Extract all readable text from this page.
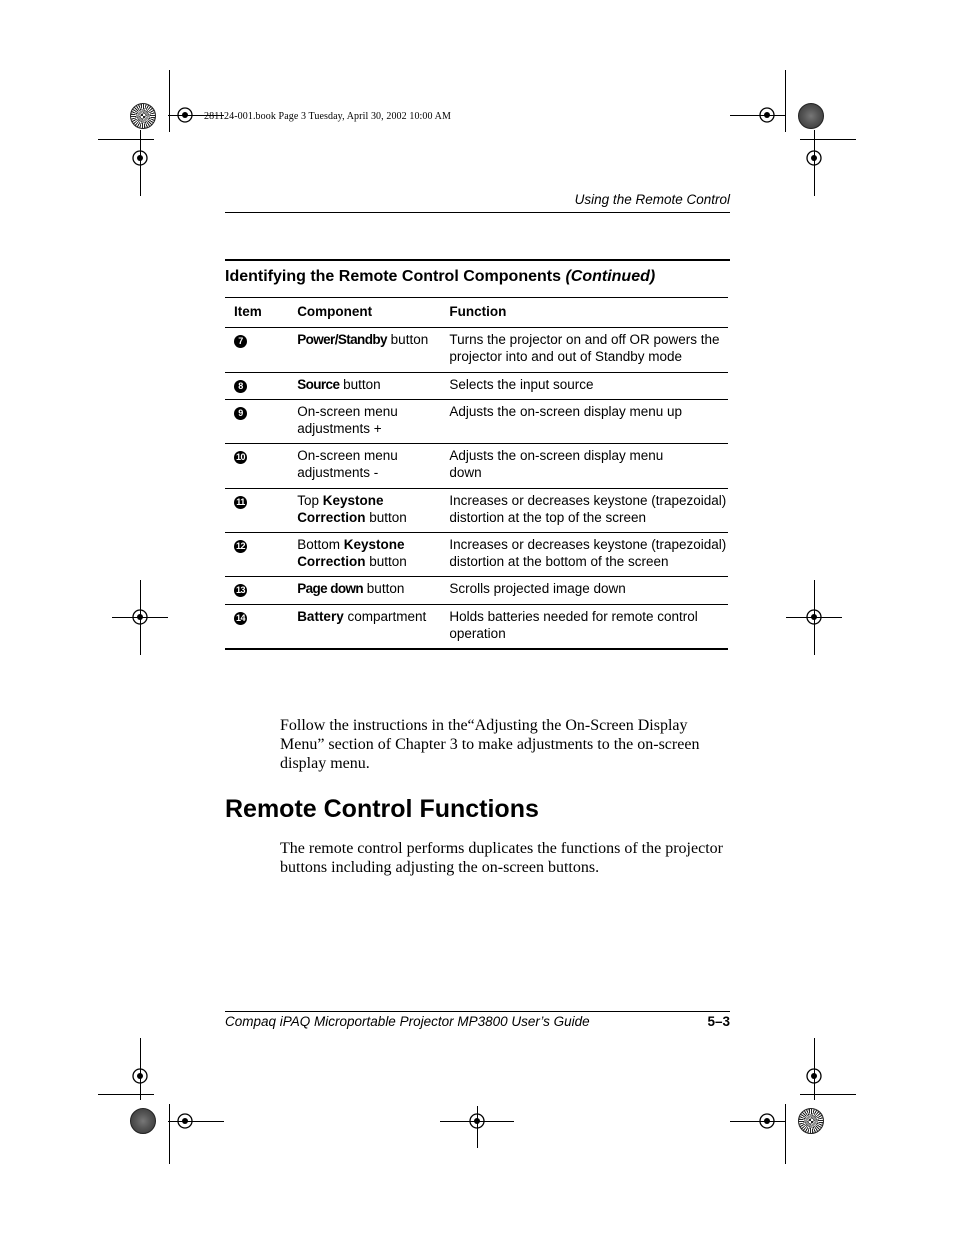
281124-001.book Page 3 Tuesday, April 30, 2002 10:00 AM
Using the Remote Control
Identifying the Remote Control Components (Continued)
Item	Component	Function
7	Power/Standby button	Turns the projector on and off OR powers the projector into and out of Standby mode
8	Source button	Selects the input source
9	On-screen menu adjustments +	Adjusts the on-screen display menu up
10	On-screen menu adjustments -	Adjusts the on-screen display menu down
11	Top Keystone Correction button	Increases or decreases keystone (trapezoidal) distortion at the top of the screen
12	Bottom Keystone Correction button	Increases or decreases keystone (trapezoidal) distortion at the bottom of the screen
13	Page down button	Scrolls projected image down
14	Battery compartment	Holds batteries needed for remote control operation

Follow the instructions in the“Adjusting the On-Screen Display Menu” section of Chapter 3 to make adjustments to the on-screen display menu.

Remote Control Functions

The remote control performs duplicates the functions of the projector buttons including adjusting the on-screen buttons.

Compaq iPAQ Microportable Projector MP3800 User’s Guide	5–3
